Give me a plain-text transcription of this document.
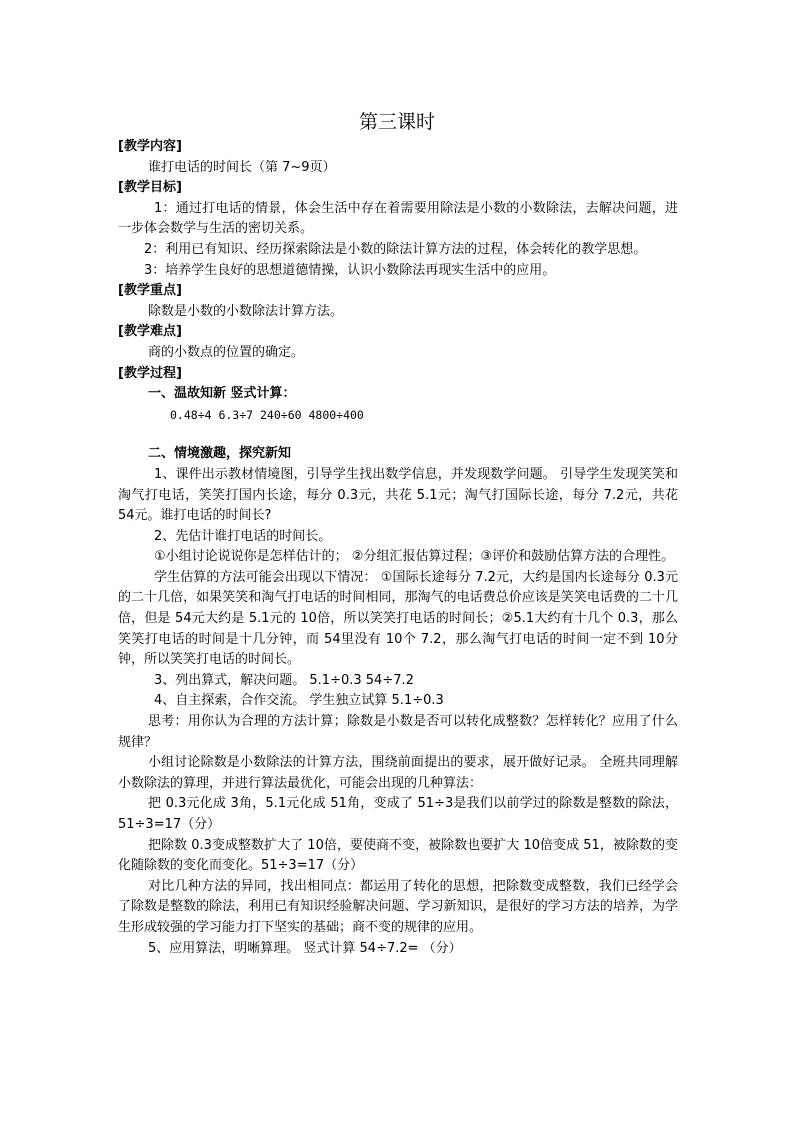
第三课时

[教学内容]

谁打电话的时间长（第 7~9页）

[教学目标]

1：通过打电话的情景，体会生活中存在着需要用除法是小数的小数除法，去解决问题，进一步体会数学与生活的密切关系。

2：利用已有知识、经历探索除法是小数的除法计算方法的过程，体会转化的教学思想。

3：培养学生良好的思想道德情操，认识小数除法再现实生活中的应用。

[教学重点]

除数是小数的小数除法计算方法。

[教学难点]

商的小数点的位置的确定。

[教学过程]

一、温故知新 竖式计算：

0.48÷4 6.3÷7 240÷60 4800÷400

二、情境激趣，探究新知

1、课件出示教材情境图，引导学生找出数学信息，并发现数学问题。 引导学生发现笑笑和淘气打电话，笑笑打国内长途，每分 0.3元，共花 5.1元；淘气打国际长途，每分 7.2元，共花 54元。谁打电话的时间长?

2、先估计谁打电话的时间长。

①小组讨论说说你是怎样估计的； ②分组汇报估算过程；③评价和鼓励估算方法的合理性。

学生估算的方法可能会出现以下情况： ①国际长途每分 7.2元，大约是国内长途每分 0.3元的二十几倍，如果笑笑和淘气打电话的时间相同，那淘气的电话费总价应该是笑笑电话费的二十几倍，但是 54元大约是 5.1元的 10倍，所以笑笑打电话的时间长；②5.1大约有十几个 0.3，那么笑笑打电话的时间是十几分钟，而 54里没有 10个 7.2，那么淘气打电话的时间一定不到 10分钟，所以笑笑打电话的时间长。

3、列出算式，解决问题。 5.1÷0.3 54÷7.2

4、自主探索，合作交流。 学生独立试算 5.1÷0.3

思考：用你认为合理的方法计算；除数是小数是否可以转化成整数？怎样转化？应用了什么规律？

小组讨论除数是小数除法的计算方法，围绕前面提出的要求，展开做好记录。 全班共同理解小数除法的算理，并进行算法最优化，可能会出现的几种算法：

把 0.3元化成 3角，5.1元化成 51角，变成了 51÷3是我们以前学过的除数是整数的除法，51÷3=17（分）

把除数 0.3变成整数扩大了 10倍，要使商不变，被除数也要扩大 10倍变成 51，被除数的变化随除数的变化而变化。51÷3=17（分）

对比几种方法的异同，找出相同点：都运用了转化的思想，把除数变成整数，我们已经学会了除数是整数的除法，利用已有知识经验解决问题、学习新知识，是很好的学习方法的培养，为学生形成较强的学习能力打下坚实的基础；商不变的规律的应用。

5、应用算法，明晰算理。 竖式计算 54÷7.2= （分）
